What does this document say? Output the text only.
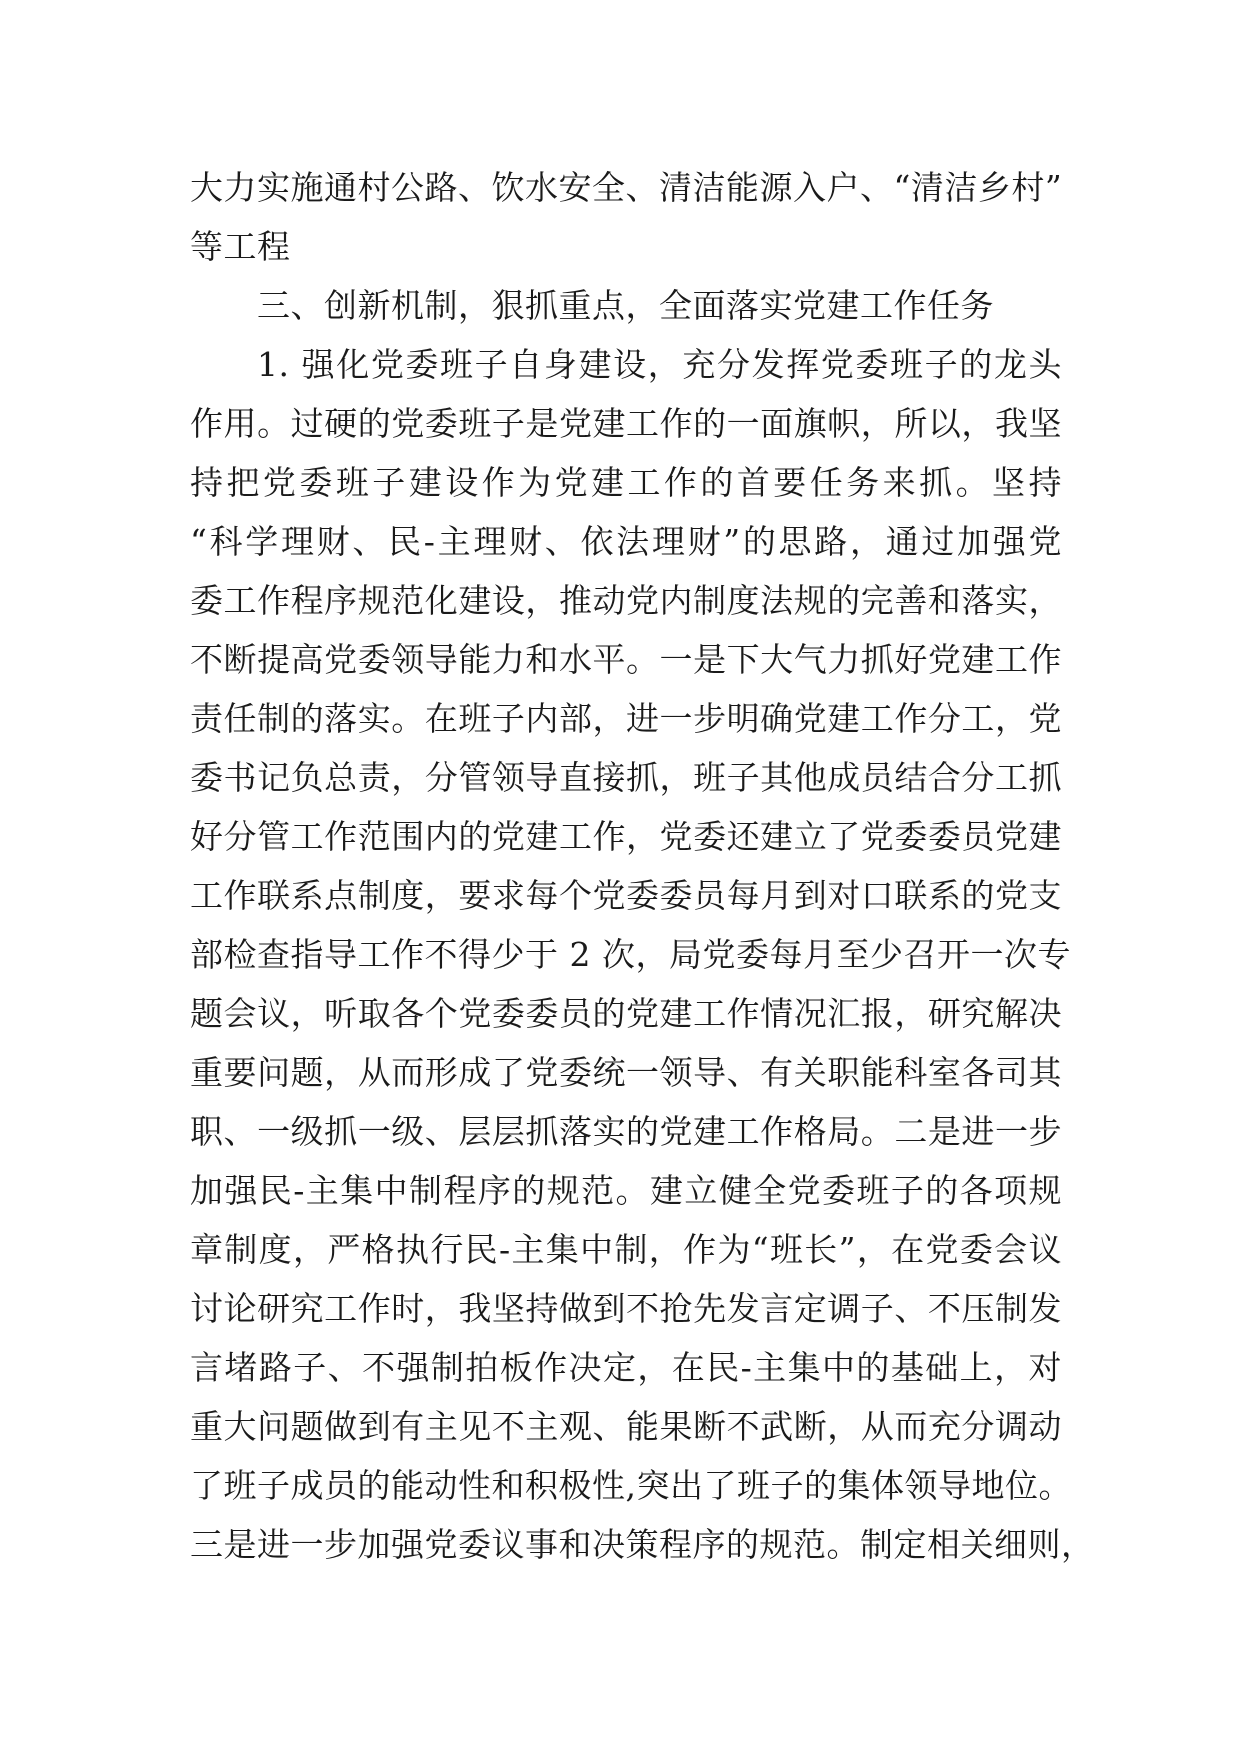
大力实施通村公路、饮水安全、清洁能源入户、“清洁乡村”
等工程
三、创新机制，狠抓重点，全面落实党建工作任务
1. 强化党委班子自身建设，充分发挥党委班子的龙头
作用。过硬的党委班子是党建工作的一面旗帜，所以，我坚
持把党委班子建设作为党建工作的首要任务来抓。坚持
“科学理财、民-主理财、依法理财”的思路，通过加强党
委工作程序规范化建设，推动党内制度法规的完善和落实，
不断提高党委领导能力和水平。一是下大气力抓好党建工作
责任制的落实。在班子内部，进一步明确党建工作分工，党
委书记负总责，分管领导直接抓，班子其他成员结合分工抓
好分管工作范围内的党建工作，党委还建立了党委委员党建
工作联系点制度，要求每个党委委员每月到对口联系的党支
部检查指导工作不得少于 2 次，局党委每月至少召开一次专
题会议，听取各个党委委员的党建工作情况汇报，研究解决
重要问题，从而形成了党委统一领导、有关职能科室各司其
职、一级抓一级、层层抓落实的党建工作格局。二是进一步
加强民-主集中制程序的规范。建立健全党委班子的各项规
章制度，严格执行民-主集中制，作为“班长”，在党委会议
讨论研究工作时，我坚持做到不抢先发言定调子、不压制发
言堵路子、不强制拍板作决定，在民-主集中的基础上，对
重大问题做到有主见不主观、能果断不武断，从而充分调动
了班子成员的能动性和积极性,突出了班子的集体领导地位。
三是进一步加强党委议事和决策程序的规范。制定相关细则，
